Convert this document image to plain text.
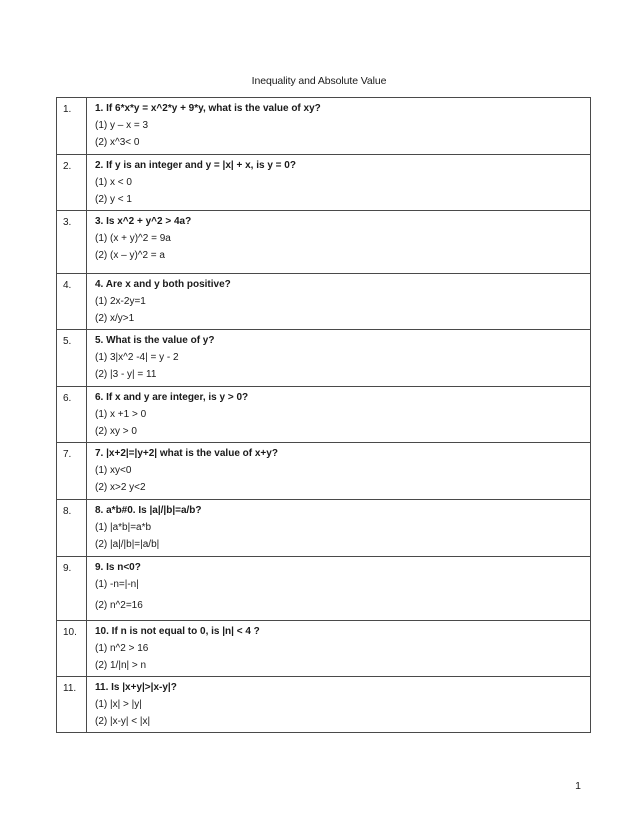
Inequality and Absolute Value
1.	1. If 6*x*y = x^2*y + 9*y, what is the value of xy?
(1) y – x = 3
(2) x^3< 0

2.	2. If y is an integer and y = |x| + x, is y = 0?
(1) x < 0
(2) y < 1

3.	3. Is x^2 + y^2 > 4a?
(1) (x + y)^2 = 9a
(2) (x – y)^2 = a

4.	4. Are x and y both positive?
(1) 2x-2y=1
(2) x/y>1

5.	5. What is the value of y?
(1) 3|x^2 -4| = y - 2
(2) |3 - y| = 11

6.	6. If x and y are integer, is y > 0?
(1) x +1 > 0
(2) xy > 0

7.	7. |x+2|=|y+2| what is the value of x+y?
(1) xy<0
(2) x>2 y<2

8.	8. a*b#0. Is |a|/|b|=a/b?
(1) |a*b|=a*b
(2) |a|/|b|=|a/b|

9.	9. Is n<0?
(1) -n=|-n|
(2) n^2=16

10.	10. If n is not equal to 0, is |n| < 4 ?
(1) n^2 > 16
(2) 1/|n| > n

11.	11. Is |x+y|>|x-y|?
(1) |x| > |y|
(2) |x-y| < |x|
1
